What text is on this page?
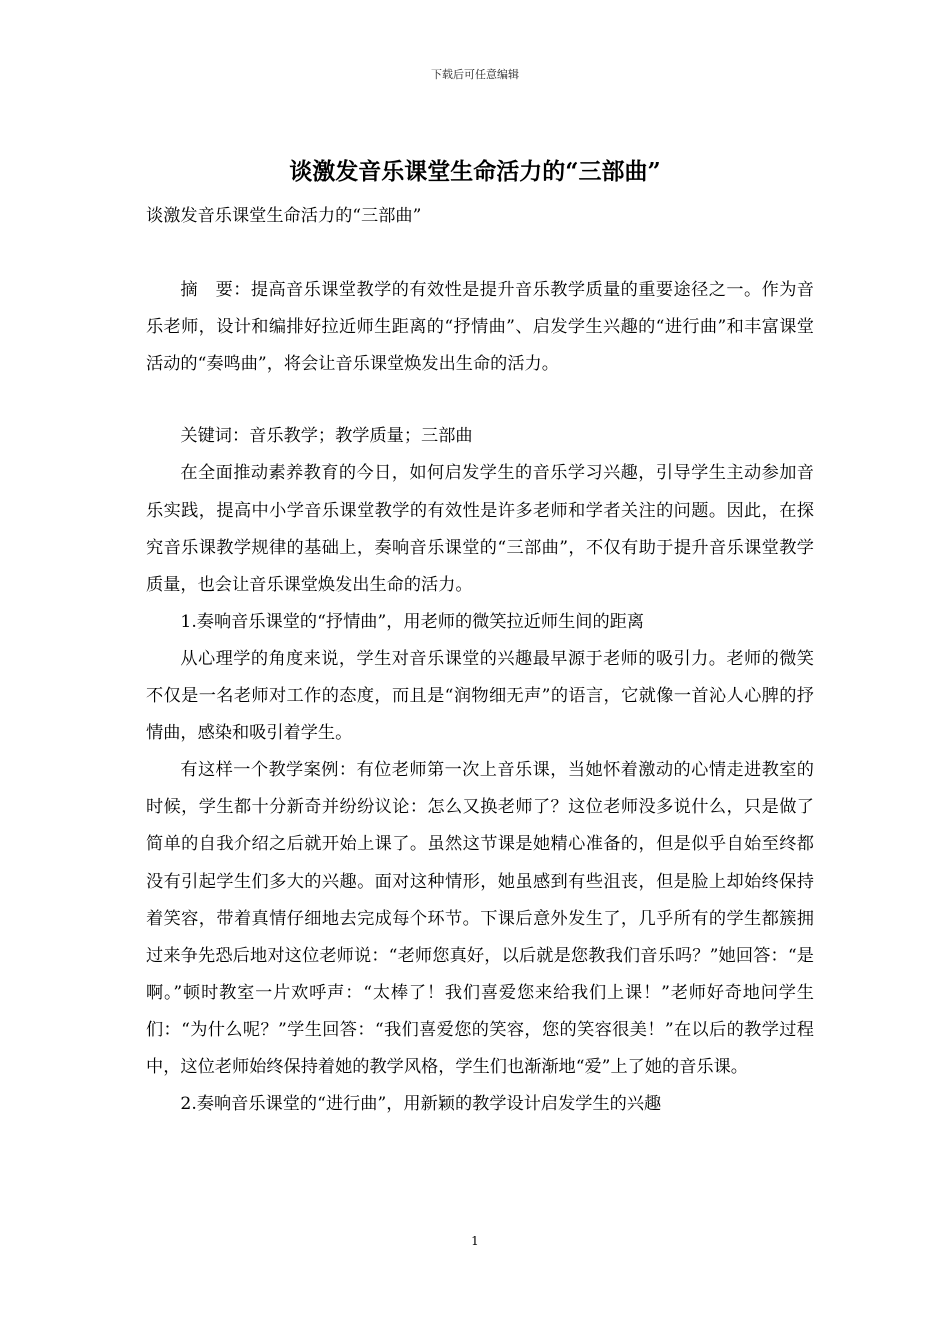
下载后可任意编辑
谈激发音乐课堂生命活力的“三部曲”

谈激发音乐课堂生命活力的“三部曲”

摘　要：提高音乐课堂教学的有效性是提升音乐教学质量的重要途径之一。作为音乐老师，设计和编排好拉近师生距离的“抒情曲”、启发学生兴趣的“进行曲”和丰富课堂活动的“奏鸣曲”，将会让音乐课堂焕发出生命的活力。

关键词：音乐教学；教学质量；三部曲

在全面推动素养教育的今日，如何启发学生的音乐学习兴趣，引导学生主动参加音乐实践，提高中小学音乐课堂教学的有效性是许多老师和学者关注的问题。因此，在探究音乐课教学规律的基础上，奏响音乐课堂的“三部曲”，不仅有助于提升音乐课堂教学质量，也会让音乐课堂焕发出生命的活力。

1.奏响音乐课堂的“抒情曲”，用老师的微笑拉近师生间的距离

从心理学的角度来说，学生对音乐课堂的兴趣最早源于老师的吸引力。老师的微笑不仅是一名老师对工作的态度，而且是“润物细无声”的语言，它就像一首沁人心脾的抒情曲，感染和吸引着学生。

有这样一个教学案例：有位老师第一次上音乐课，当她怀着激动的心情走进教室的时候，学生都十分新奇并纷纷议论：怎么又换老师了？这位老师没多说什么，只是做了简单的自我介绍之后就开始上课了。虽然这节课是她精心准备的，但是似乎自始至终都没有引起学生们多大的兴趣。面对这种情形，她虽感到有些沮丧，但是脸上却始终保持着笑容，带着真情仔细地去完成每个环节。下课后意外发生了，几乎所有的学生都簇拥过来争先恐后地对这位老师说：“老师您真好，以后就是您教我们音乐吗？”她回答：“是啊。”顿时教室一片欢呼声：“太棒了！我们喜爱您来给我们上课！”老师好奇地问学生们：“为什么呢？”学生回答：“我们喜爱您的笑容，您的笑容很美！”在以后的教学过程中，这位老师始终保持着她的教学风格，学生们也渐渐地“爱”上了她的音乐课。

2.奏响音乐课堂的“进行曲”，用新颖的教学设计启发学生的兴趣

1
